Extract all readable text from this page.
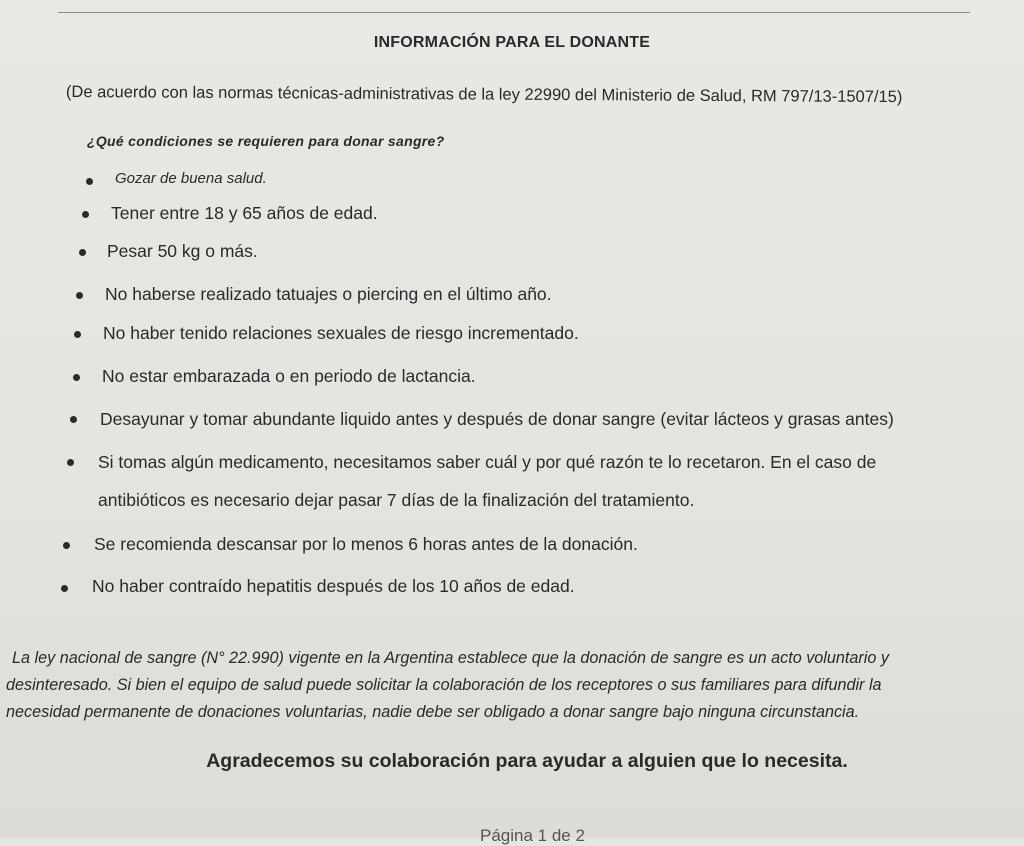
INFORMACIÓN PARA EL DONANTE
(De acuerdo con las normas técnicas-administrativas de la ley 22990 del Ministerio de Salud, RM 797/13-1507/15)
¿Qué condiciones se requieren para donar sangre?
Gozar de buena salud.
Tener entre 18 y 65 años de edad.
Pesar 50 kg o más.
No haberse realizado tatuajes o piercing en el último año.
No haber tenido relaciones sexuales de riesgo incrementado.
No estar embarazada o en periodo de lactancia.
Desayunar y tomar abundante liquido antes y después de donar sangre (evitar lácteos y grasas antes)
Si tomas algún medicamento, necesitamos saber cuál y por qué razón te lo recetaron. En el caso de
antibióticos es necesario dejar pasar 7 días de la finalización del tratamiento.
Se recomienda descansar por lo menos 6 horas antes de la donación.
No haber contraído hepatitis después de los 10 años de edad.
La ley nacional de sangre (N° 22.990) vigente en la Argentina establece que la donación de sangre es un acto voluntario y
desinteresado. Si bien el equipo de salud puede solicitar la colaboración de los receptores o sus familiares para difundir la
necesidad permanente de donaciones voluntarias, nadie debe ser obligado a donar sangre bajo ninguna circunstancia.
Agradecemos su colaboración para ayudar a alguien que lo necesita.
Página 1 de 2
